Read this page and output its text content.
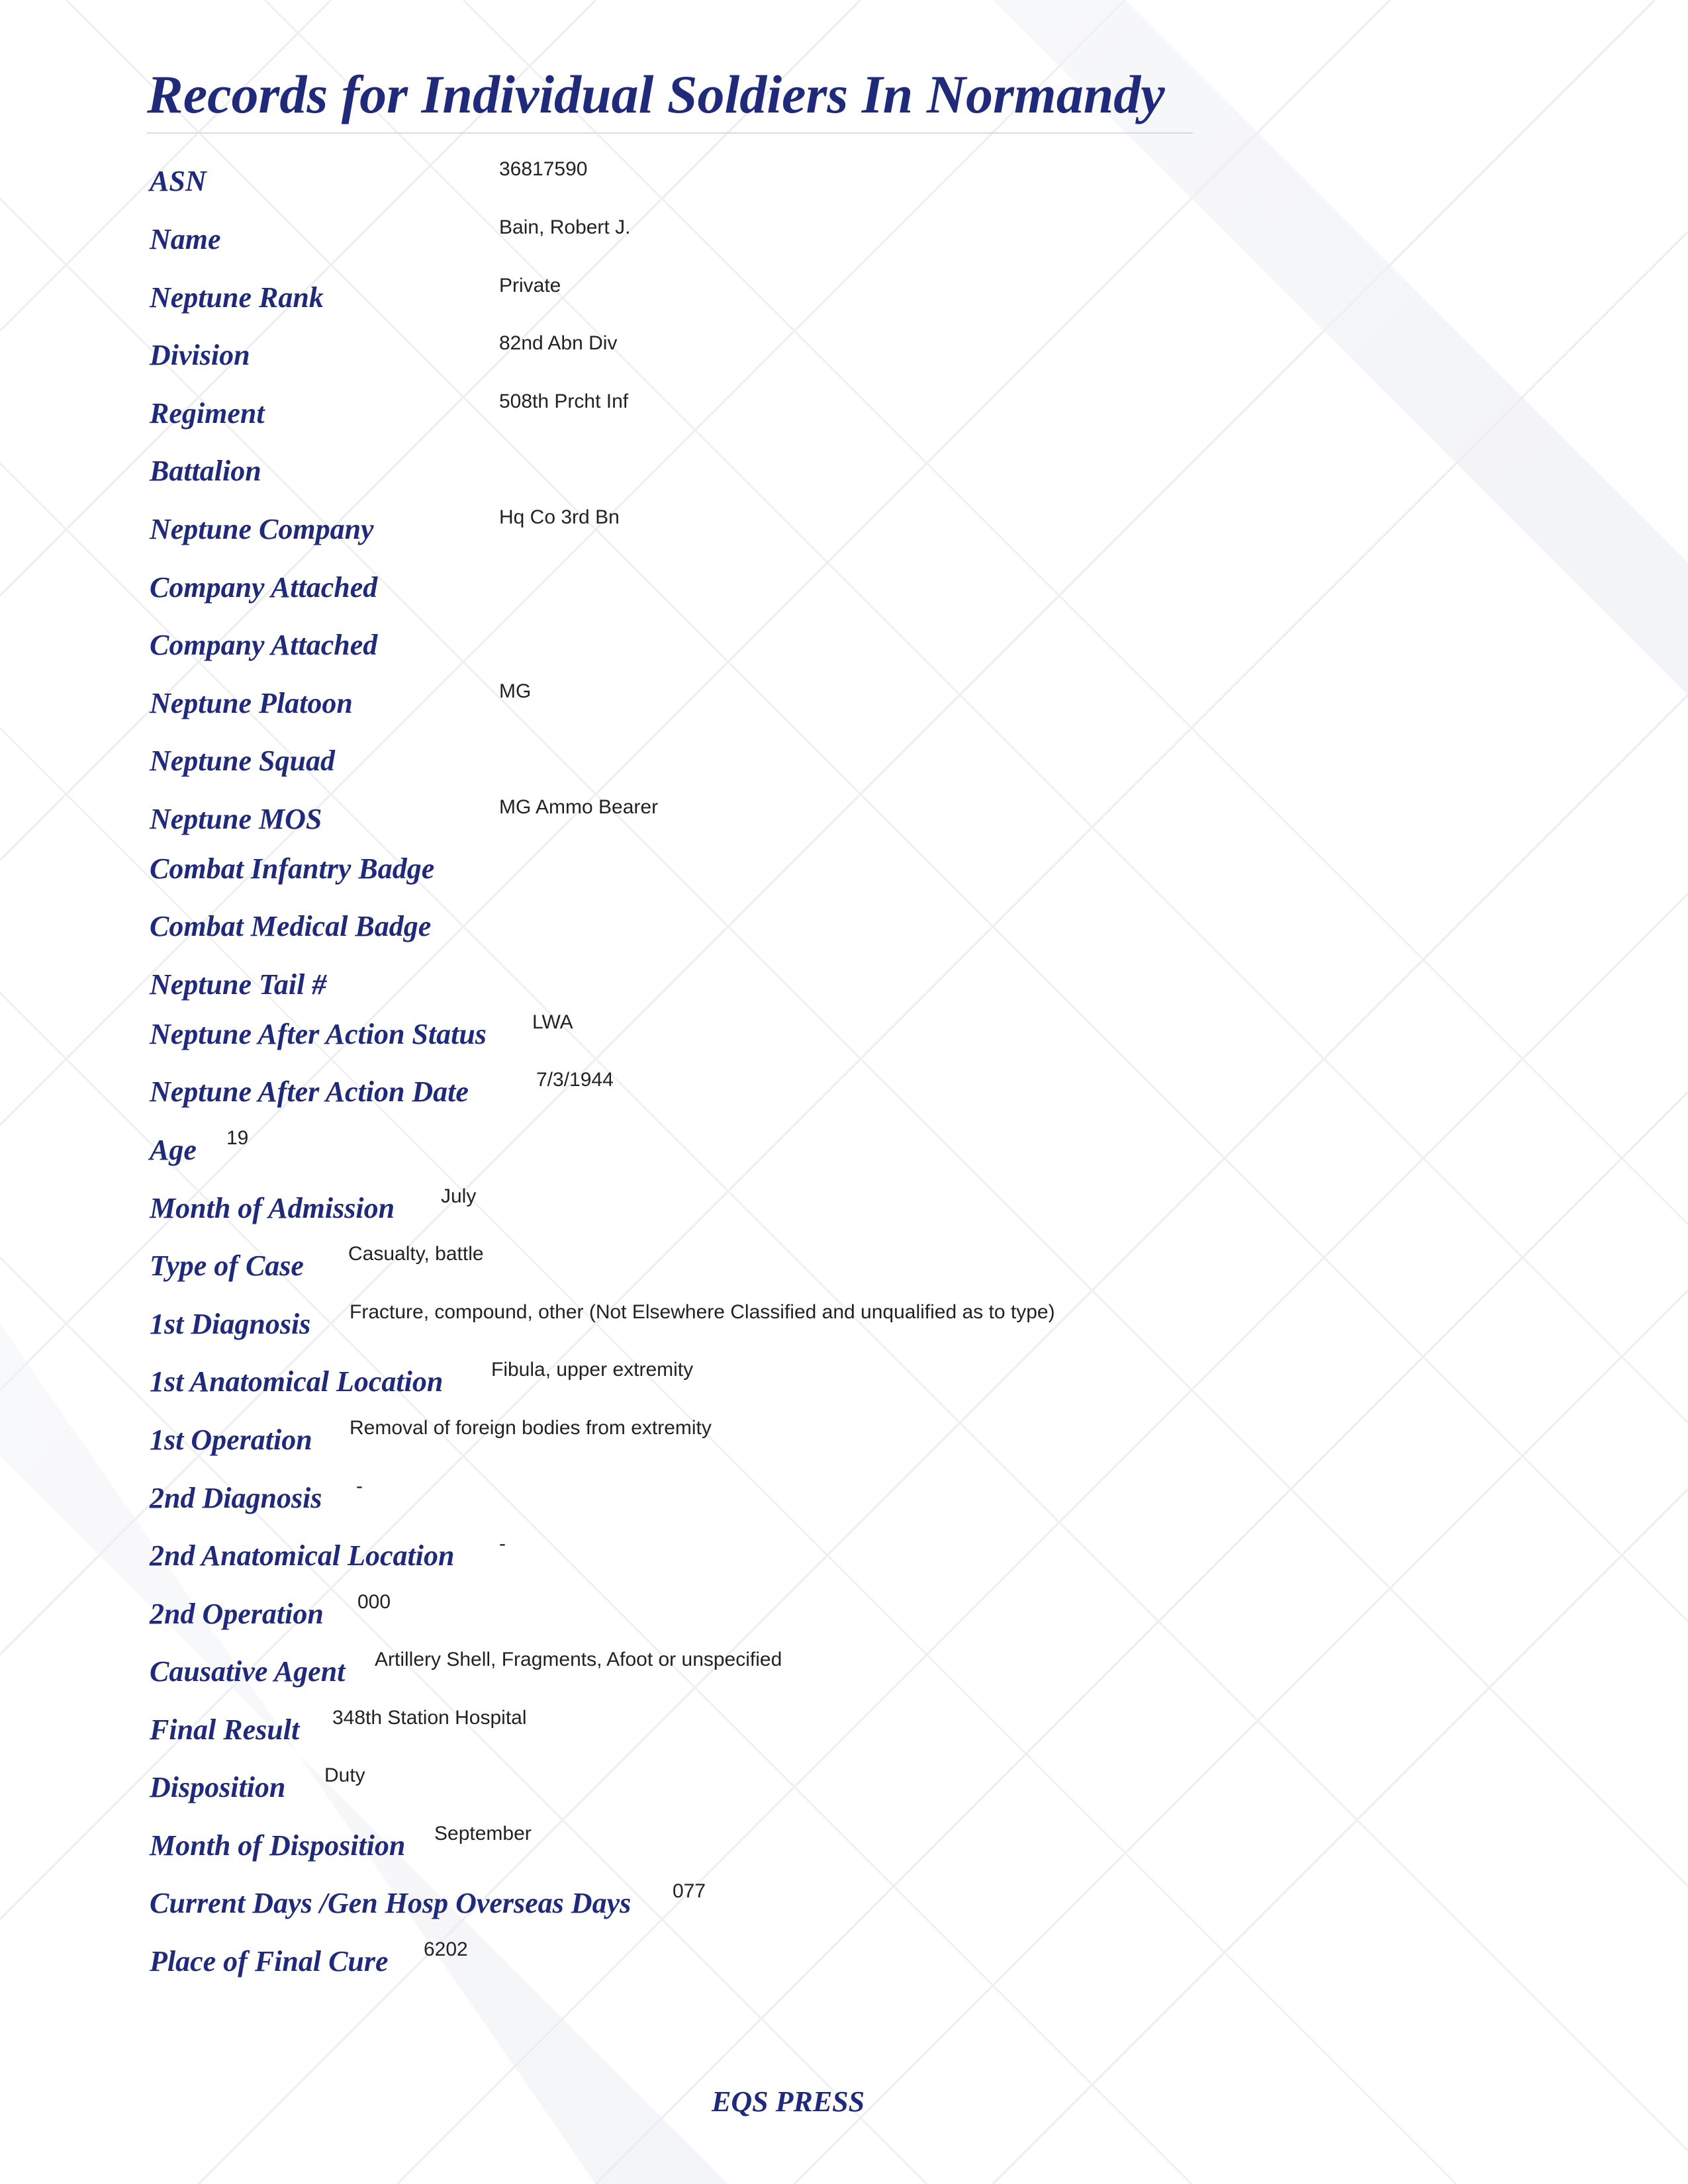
Records for Individual Soldiers In Normandy
ASN	36817590
Name	Bain, Robert J.
Neptune Rank	Private
Division	82nd Abn Div
Regiment	508th Prcht Inf
Battalion
Neptune Company	Hq Co 3rd Bn
Company Attached
Company Attached
Neptune Platoon	MG
Neptune Squad
Neptune MOS	MG Ammo Bearer
Combat Infantry Badge
Combat Medical Badge
Neptune Tail #
Neptune After Action Status LWA
Neptune After Action Date	7/3/1944
Age 19
Month of Admission July
Type of Case Casualty, battle
1st Diagnosis Fracture, compound, other (Not Elsewhere Classified and unqualified as to type)
1st Anatomical Location Fibula, upper extremity
1st Operation Removal of foreign bodies from extremity
2nd Diagnosis -
2nd Anatomical Location -
2nd Operation 000
Causative Agent Artillery Shell, Fragments, Afoot or unspecified
Final Result 348th Station Hospital
Disposition Duty
Month of Disposition September
Current Days /Gen Hosp Overseas Days 077
Place of Final Cure 6202
EQS PRESS
